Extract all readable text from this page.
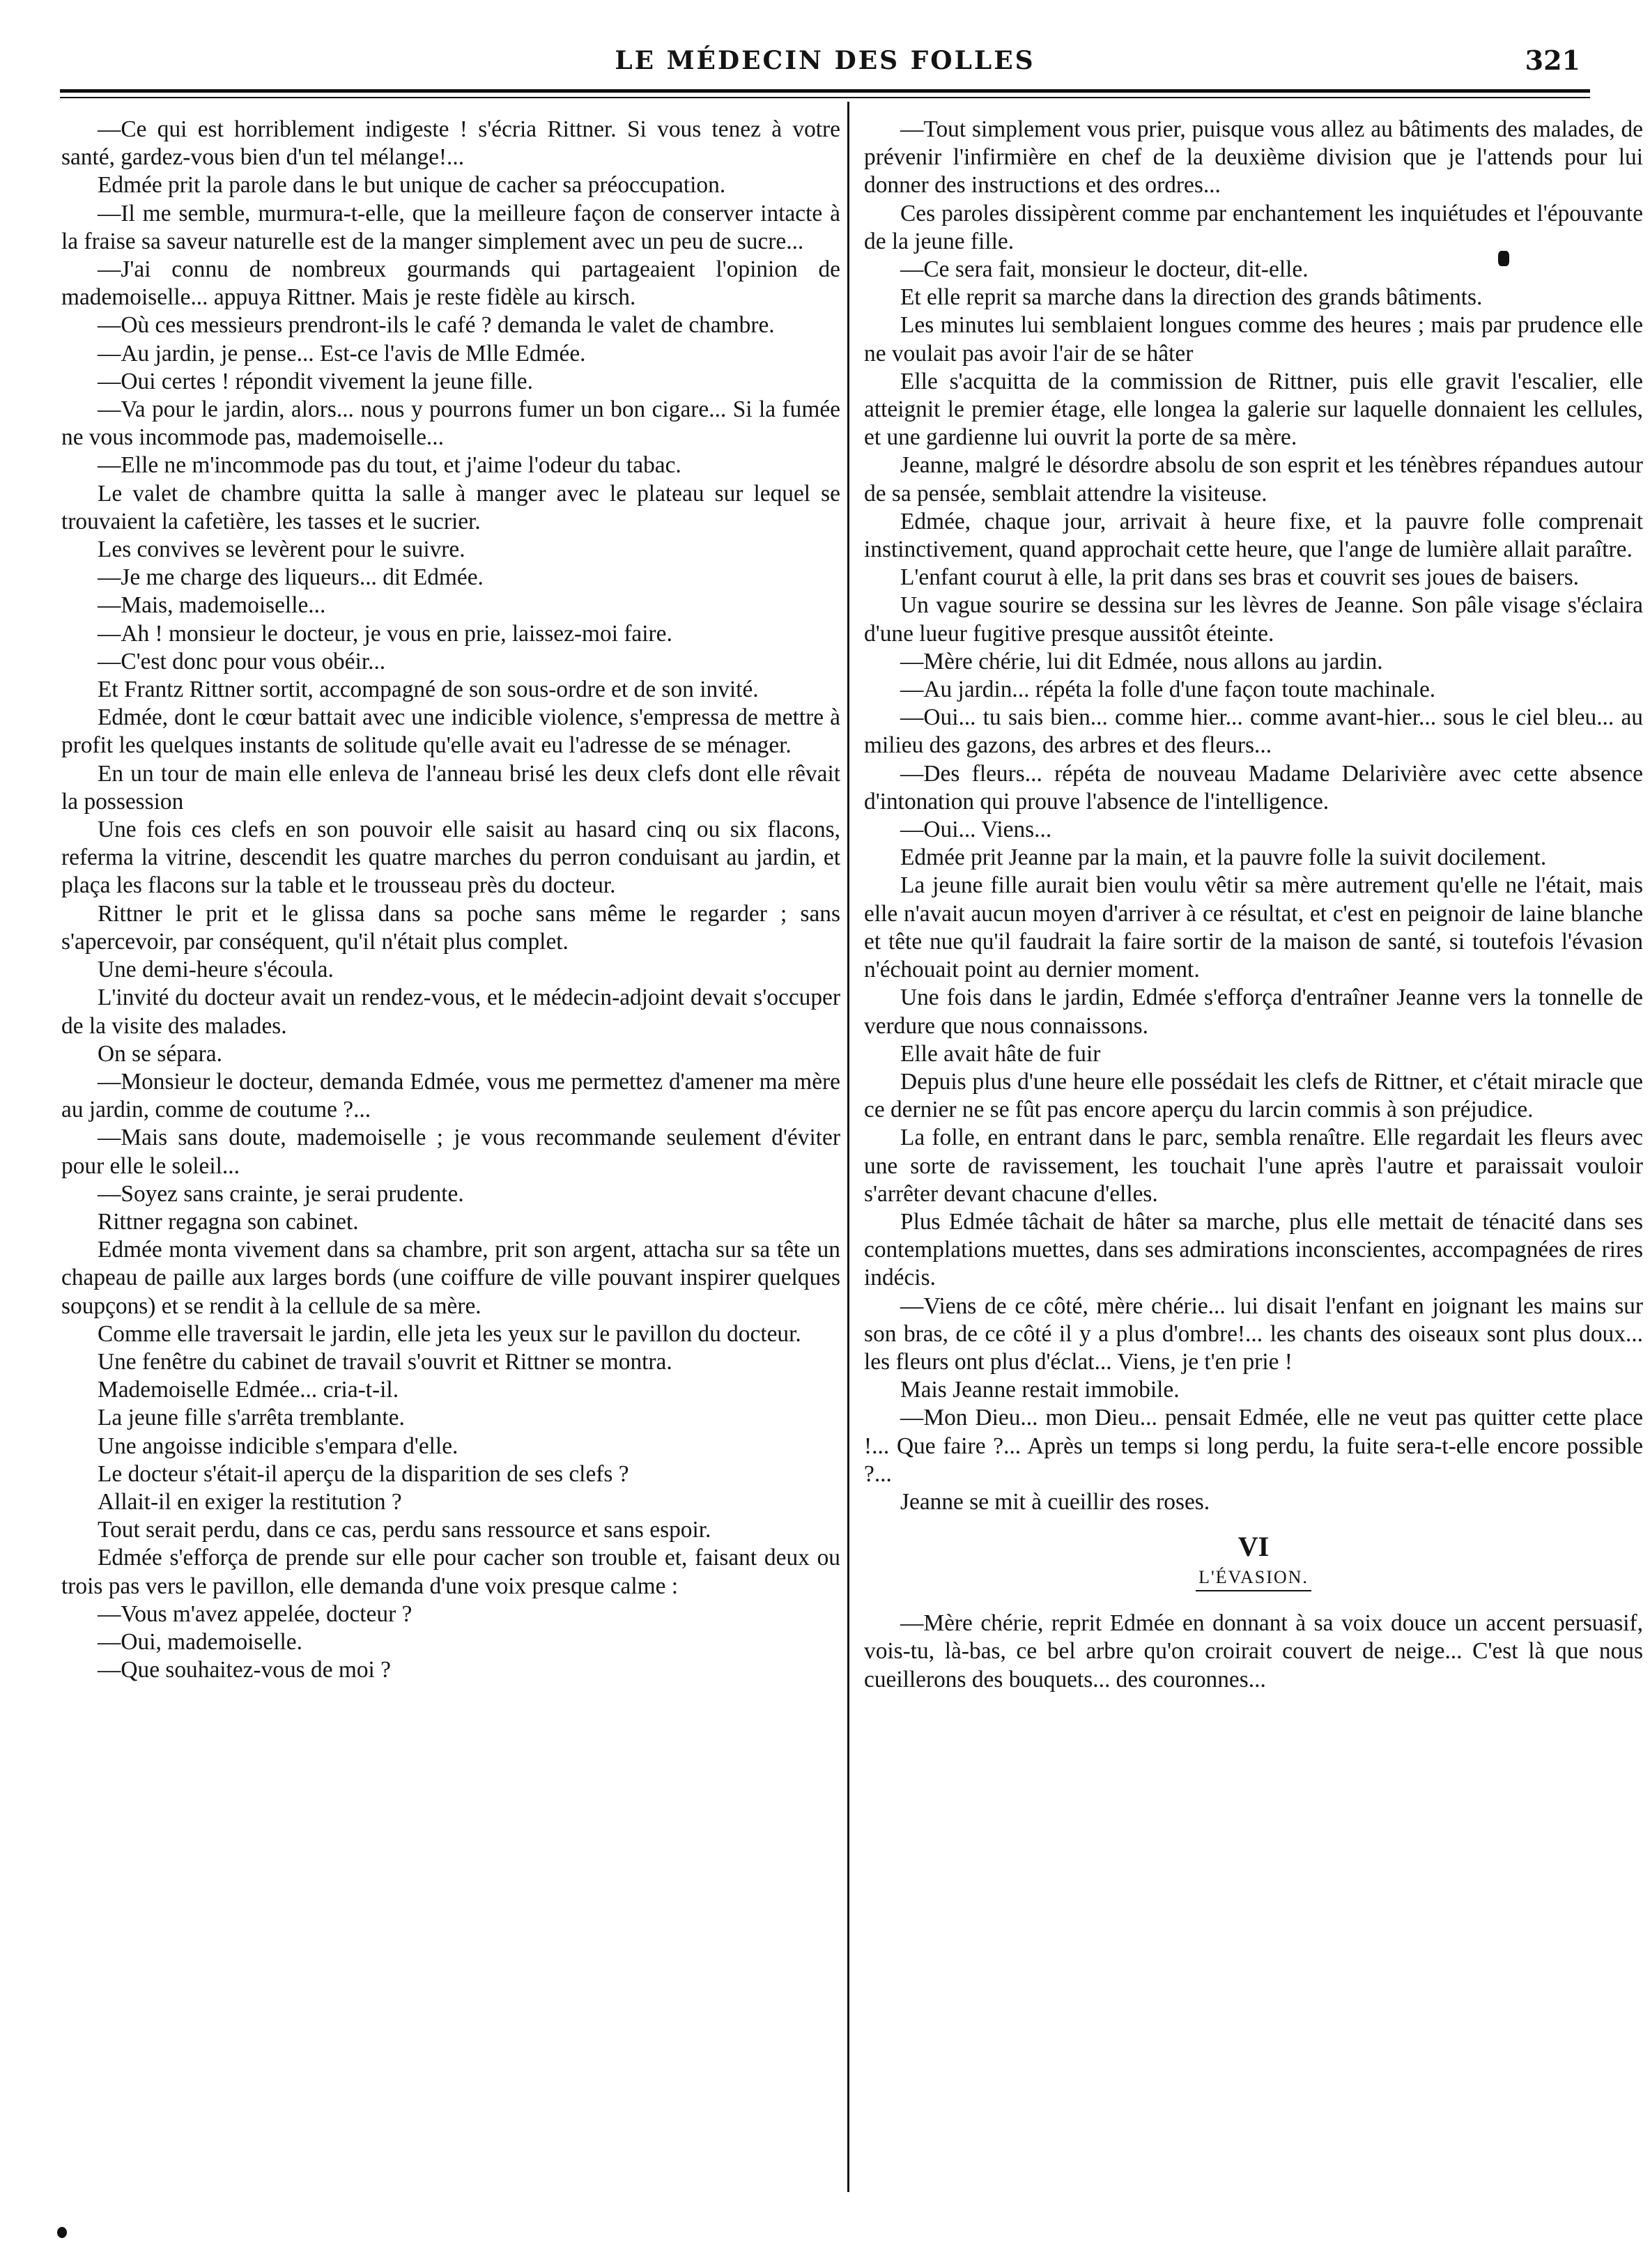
LE MÉDECIN DES FOLLES	321

—Ce qui est horriblement indigeste ! s'écria Rittner. Si vous tenez à votre santé, gardez-vous bien d'un tel mélange!...

Edmée prit la parole dans le but unique de cacher sa préoccupation.

—Il me semble, murmura-t-elle, que la meilleure façon de conserver intacte à la fraise sa saveur naturelle est de la manger simplement avec un peu de sucre...

—J'ai connu de nombreux gourmands qui partageaient l'opinion de mademoiselle... appuya Rittner. Mais je reste fidèle au kirsch.

—Où ces messieurs prendront-ils le café ? demanda le valet de chambre.

—Au jardin, je pense... Est-ce l'avis de Mlle Edmée.

—Oui certes ! répondit vivement la jeune fille.

—Va pour le jardin, alors... nous y pourrons fumer un bon cigare... Si la fumée ne vous incommode pas, mademoiselle...

—Elle ne m'incommode pas du tout, et j'aime l'odeur du tabac.

Le valet de chambre quitta la salle à manger avec le plateau sur lequel se trouvaient la cafetière, les tasses et le sucrier.

Les convives se levèrent pour le suivre.

—Je me charge des liqueurs... dit Edmée.

—Mais, mademoiselle...

—Ah ! monsieur le docteur, je vous en prie, laissez-moi faire.

—C'est donc pour vous obéir...

Et Frantz Rittner sortit, accompagné de son sous-ordre et de son invité.

Edmée, dont le cœur battait avec une indicible violence, s'empressa de mettre à profit les quelques instants de solitude qu'elle avait eu l'adresse de se ménager.

En un tour de main elle enleva de l'anneau brisé les deux clefs dont elle rêvait la possession

Une fois ces clefs en son pouvoir elle saisit au hasard cinq ou six flacons, referma la vitrine, descendit les quatre marches du perron conduisant au jardin, et plaça les flacons sur la table et le trousseau près du docteur.

Rittner le prit et le glissa dans sa poche sans même le regarder ; sans s'apercevoir, par conséquent, qu'il n'était plus complet.

Une demi-heure s'écoula.

L'invité du docteur avait un rendez-vous, et le médecin-adjoint devait s'occuper de la visite des malades.

On se sépara.

—Monsieur le docteur, demanda Edmée, vous me permettez d'amener ma mère au jardin, comme de coutume ?...

—Mais sans doute, mademoiselle ; je vous recommande seulement d'éviter pour elle le soleil...

—Soyez sans crainte, je serai prudente.

Rittner regagna son cabinet.

Edmée monta vivement dans sa chambre, prit son argent, attacha sur sa tête un chapeau de paille aux larges bords (une coiffure de ville pouvant inspirer quelques soupçons) et se rendit à la cellule de sa mère.

Comme elle traversait le jardin, elle jeta les yeux sur le pavillon du docteur.

Une fenêtre du cabinet de travail s'ouvrit et Rittner se montra.

Mademoiselle Edmée... cria-t-il.

La jeune fille s'arrêta tremblante.

Une angoisse indicible s'empara d'elle.

Le docteur s'était-il aperçu de la disparition de ses clefs ?

Allait-il en exiger la restitution ?

Tout serait perdu, dans ce cas, perdu sans ressource et sans espoir.

Edmée s'efforça de prende sur elle pour cacher son trouble et, faisant deux ou trois pas vers le pavillon, elle demanda d'une voix presque calme :

—Vous m'avez appelée, docteur ?

—Oui, mademoiselle.

—Que souhaitez-vous de moi ?

—Tout simplement vous prier, puisque vous allez au bâtiments des malades, de prévenir l'infirmière en chef de la deuxième division que je l'attends pour lui donner des instructions et des ordres...

Ces paroles dissipèrent comme par enchantement les inquiétudes et l'épouvante de la jeune fille.

—Ce sera fait, monsieur le docteur, dit-elle.

Et elle reprit sa marche dans la direction des grands bâtiments.

Les minutes lui semblaient longues comme des heures ; mais par prudence elle ne voulait pas avoir l'air de se hâter

Elle s'acquitta de la commission de Rittner, puis elle gravit l'escalier, elle atteignit le premier étage, elle longea la galerie sur laquelle donnaient les cellules, et une gardienne lui ouvrit la porte de sa mère.

Jeanne, malgré le désordre absolu de son esprit et les ténèbres répandues autour de sa pensée, semblait attendre la visiteuse.

Edmée, chaque jour, arrivait à heure fixe, et la pauvre folle comprenait instinctivement, quand approchait cette heure, que l'ange de lumière allait paraître.

L'enfant courut à elle, la prit dans ses bras et couvrit ses joues de baisers.

Un vague sourire se dessina sur les lèvres de Jeanne. Son pâle visage s'éclaira d'une lueur fugitive presque aussitôt éteinte.

—Mère chérie, lui dit Edmée, nous allons au jardin.

—Au jardin... répéta la folle d'une façon toute machinale.

—Oui... tu sais bien... comme hier... comme avant-hier... sous le ciel bleu... au milieu des gazons, des arbres et des fleurs...

—Des fleurs... répéta de nouveau Madame Delarivière avec cette absence d'intonation qui prouve l'absence de l'intelligence.

—Oui... Viens...

Edmée prit Jeanne par la main, et la pauvre folle la suivit docilement.

La jeune fille aurait bien voulu vêtir sa mère autrement qu'elle ne l'était, mais elle n'avait aucun moyen d'arriver à ce résultat, et c'est en peignoir de laine blanche et tête nue qu'il faudrait la faire sortir de la maison de santé, si toutefois l'évasion n'échouait point au dernier moment.

Une fois dans le jardin, Edmée s'efforça d'entraîner Jeanne vers la tonnelle de verdure que nous connaissons.

Elle avait hâte de fuir

Depuis plus d'une heure elle possédait les clefs de Rittner, et c'était miracle que ce dernier ne se fût pas encore aperçu du larcin commis à son préjudice.

La folle, en entrant dans le parc, sembla renaître. Elle regardait les fleurs avec une sorte de ravissement, les touchait l'une après l'autre et paraissait vouloir s'arrêter devant chacune d'elles.

Plus Edmée tâchait de hâter sa marche, plus elle mettait de ténacité dans ses contemplations muettes, dans ses admirations inconscientes, accompagnées de rires indécis.

—Viens de ce côté, mère chérie... lui disait l'enfant en joignant les mains sur son bras, de ce côté il y a plus d'ombre!... les chants des oiseaux sont plus doux... les fleurs ont plus d'éclat... Viens, je t'en prie !

Mais Jeanne restait immobile.

—Mon Dieu... mon Dieu... pensait Edmée, elle ne veut pas quitter cette place !... Que faire ?... Après un temps si long perdu, la fuite sera-t-elle encore possible ?...

Jeanne se mit à cueillir des roses.

VI
L'ÉVASION.

—Mère chérie, reprit Edmée en donnant à sa voix douce un accent persuasif, vois-tu, là-bas, ce bel arbre qu'on croirait couvert de neige... C'est là que nous cueillerons des bouquets... des couronnes...
